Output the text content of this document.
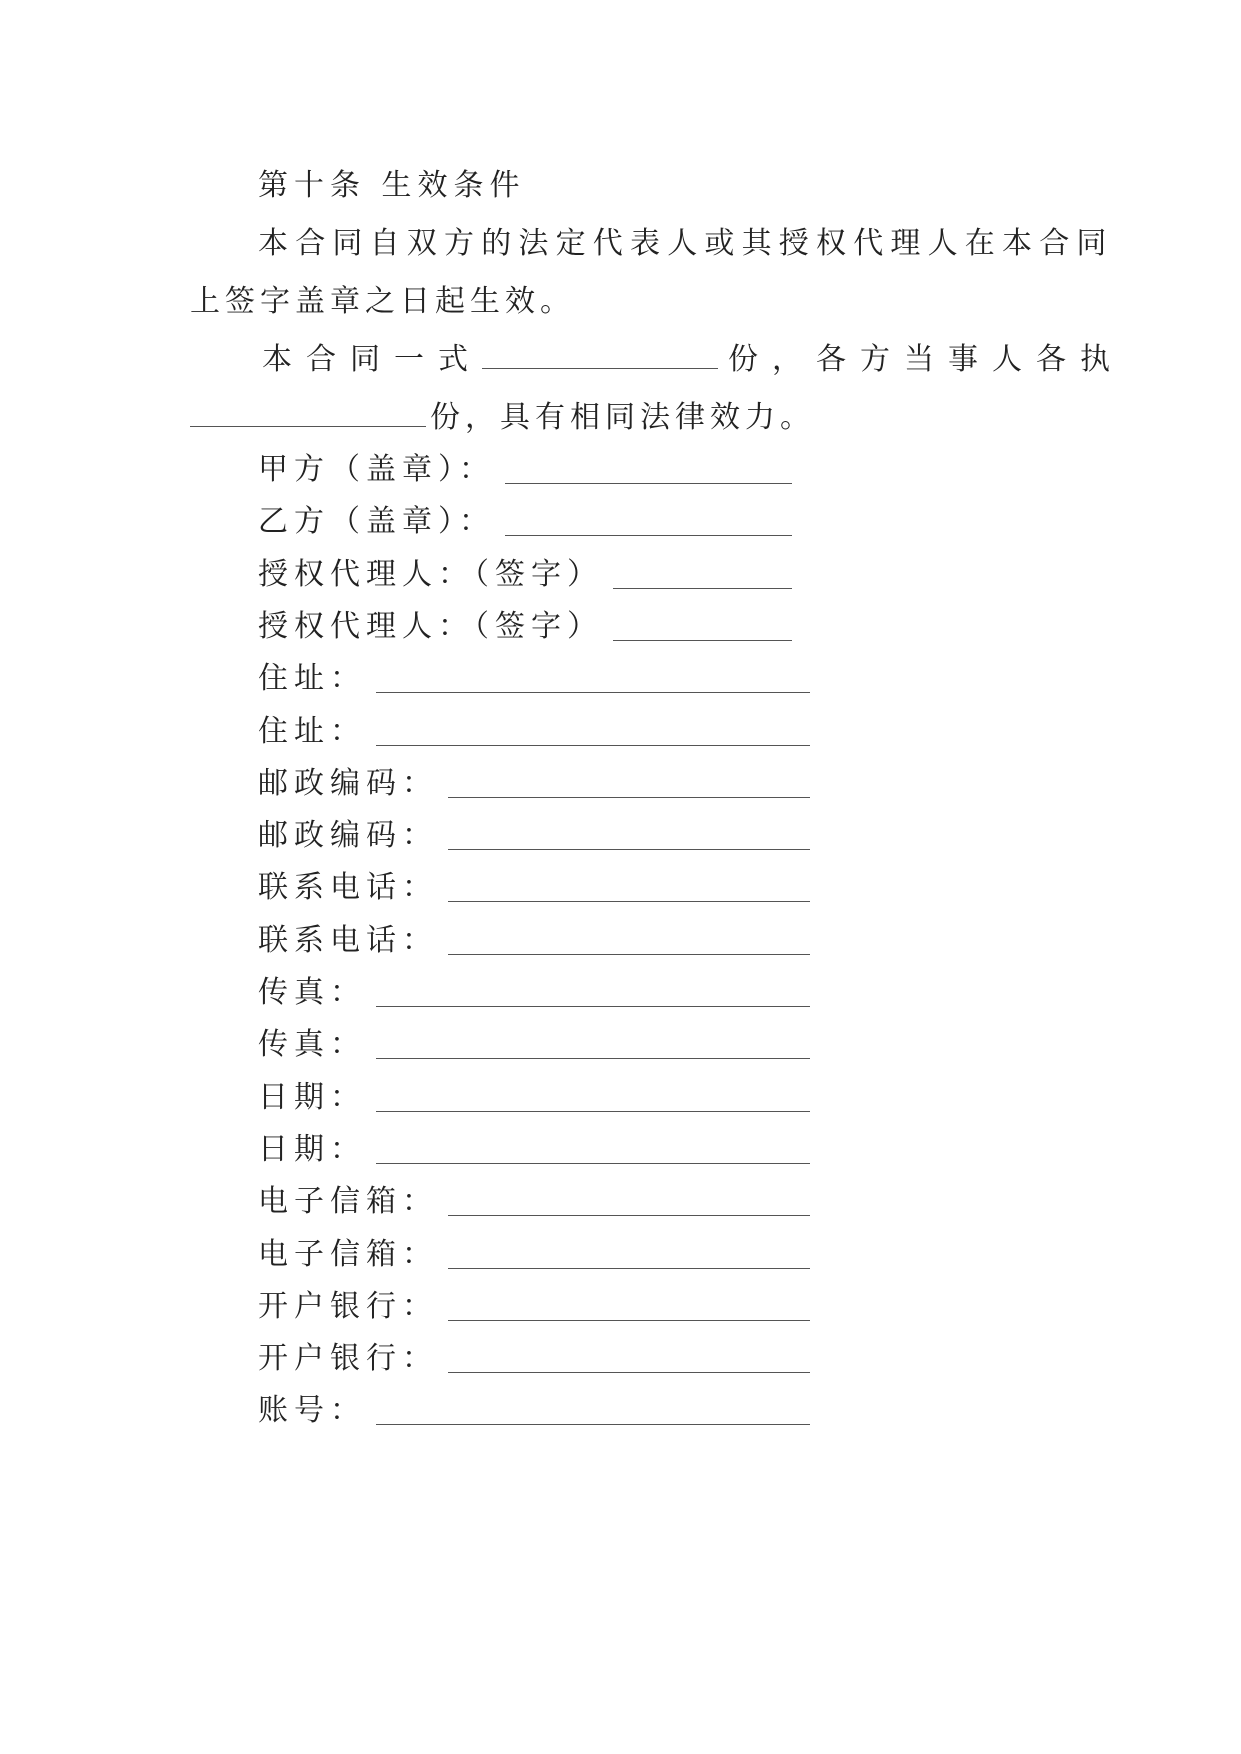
第十条 生效条件
本合同自双方的法定代表人或其授权代理人在本合同
上签字盖章之日起生效。
本合同一式	份，各方当事人各执
份，具有相同法律效力。
甲方（盖章）：
乙方（盖章）：
授权代理人：（签字）
授权代理人：（签字）
住址：
住址：
邮政编码：
邮政编码：
联系电话：
联系电话：
传真：
传真：
日期：
日期：
电子信箱：
电子信箱：
开户银行：
开户银行：
账号：
